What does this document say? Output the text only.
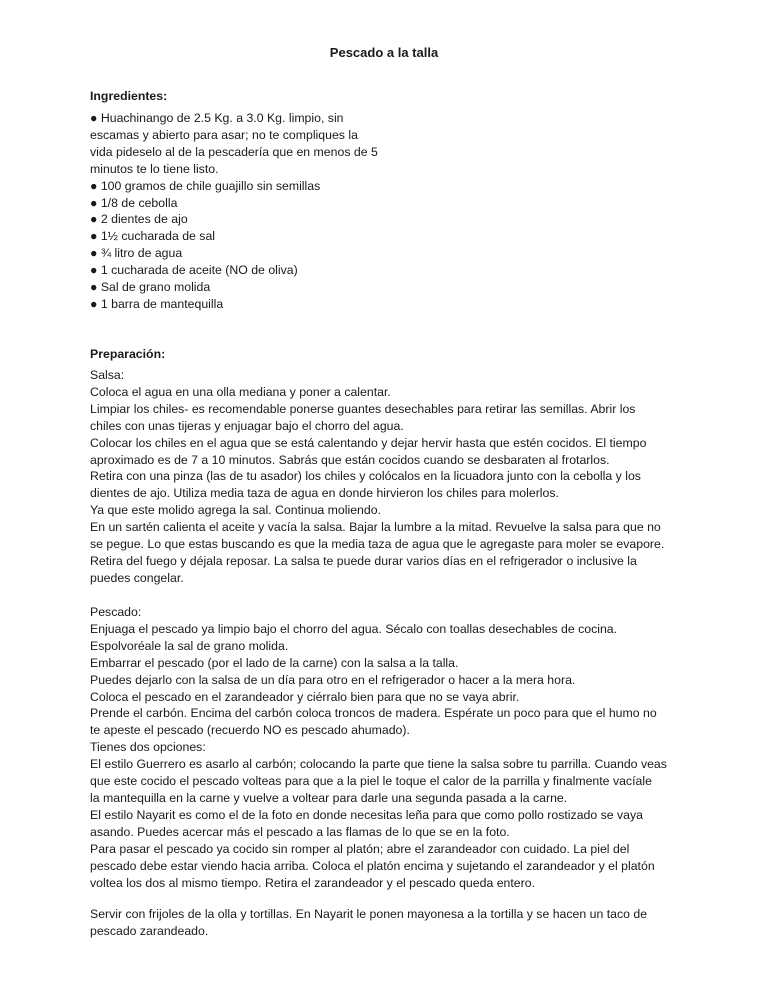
Pescado a la talla
Ingredientes:
● Huachinango de 2.5 Kg. a 3.0 Kg. limpio, sin
escamas y abierto para asar; no te compliques la
vida pideselo al de la pescadería que en menos de 5
minutos te lo tiene listo.
● 100 gramos de chile guajillo sin semillas
● 1/8 de cebolla
● 2 dientes de ajo
● 1½ cucharada de sal
● ¾ litro de agua
● 1 cucharada de aceite (NO de oliva)
● Sal de grano molida
● 1 barra de mantequilla
Preparación:
Salsa:
Coloca el agua en una olla mediana y poner a calentar.
Limpiar los chiles- es recomendable ponerse guantes desechables para retirar las semillas. Abrir los
chiles con unas tijeras y enjuagar bajo el chorro del agua.
Colocar los chiles en el agua que se está calentando y dejar hervir hasta que estén cocidos. El tiempo
aproximado es de 7 a 10 minutos. Sabrás que están cocidos cuando se desbaraten al frotarlos.
Retira con una pinza (las de tu asador) los chiles y colócalos en la licuadora junto con la cebolla y los
dientes de ajo. Utiliza media taza de agua en donde hirvieron los chiles para molerlos.
Ya que este molido agrega la sal. Continua moliendo.
En un sartén calienta el aceite y vacía la salsa. Bajar la lumbre a la mitad. Revuelve la salsa para que no
se pegue. Lo que estas buscando es que la media taza de agua que le agregaste para moler se evapore.
Retira del fuego y déjala reposar. La salsa te puede durar varios días en el refrigerador o inclusive la
puedes congelar.
Pescado:
Enjuaga el pescado ya limpio bajo el chorro del agua. Sécalo con toallas desechables de cocina.
Espolvoréale la sal de grano molida.
Embarrar el pescado (por el lado de la carne) con la salsa a la talla.
Puedes dejarlo con la salsa de un día para otro en el refrigerador o hacer a la mera hora.
Coloca el pescado en el zarandeador y ciérralo bien para que no se vaya abrir.
Prende el carbón. Encima del carbón coloca troncos de madera. Espérate un poco para que el humo no
te apeste el pescado (recuerdo NO es pescado ahumado).
Tienes dos opciones:
El estilo Guerrero es asarlo al carbón; colocando la parte que tiene la salsa sobre tu parrilla. Cuando veas
que este cocido el pescado volteas para que a la piel le toque el calor de la parrilla y finalmente vacíale
la mantequilla en la carne y vuelve a voltear para darle una segunda pasada a la carne.
El estilo Nayarit es como el de la foto en donde necesitas leña para que como pollo rostizado se vaya
asando. Puedes acercar más el pescado a las flamas de lo que se en la foto.
Para pasar el pescado ya cocido sin romper al platón; abre el zarandeador con cuidado. La piel del
pescado debe estar viendo hacia arriba. Coloca el platón encima y sujetando el zarandeador y el platón
voltea los dos al mismo tiempo. Retira el zarandeador y el pescado queda entero.
Servir con frijoles de la olla y tortillas. En Nayarit le ponen mayonesa a la tortilla y se hacen un taco de
pescado zarandeado.
